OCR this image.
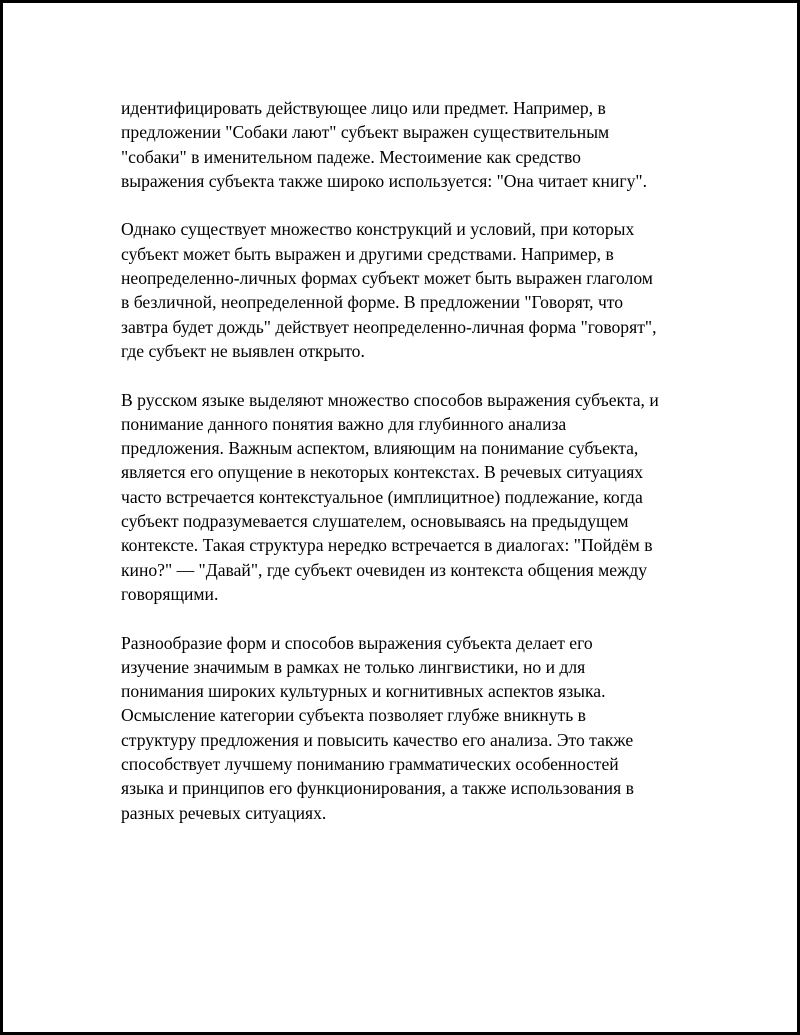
идентифицировать действующее лицо или предмет. Например, в
предложении "Собаки лают" субъект выражен существительным
"собаки" в именительном падеже. Местоимение как средство
выражения субъекта также широко используется: "Она читает книгу".

Однако существует множество конструкций и условий, при которых
субъект может быть выражен и другими средствами. Например, в
неопределенно-личных формах субъект может быть выражен глаголом
в безличной, неопределенной форме. В предложении "Говорят, что
завтра будет дождь" действует неопределенно-личная форма "говорят",
где субъект не выявлен открыто.

В русском языке выделяют множество способов выражения субъекта, и
понимание данного понятия важно для глубинного анализа
предложения. Важным аспектом, влияющим на понимание субъекта,
является его опущение в некоторых контекстах. В речевых ситуациях
часто встречается контекстуальное (имплицитное) подлежание, когда
субъект подразумевается слушателем, основываясь на предыдущем
контексте. Такая структура нередко встречается в диалогах: "Пойдём в
кино?" — "Давай", где субъект очевиден из контекста общения между
говорящими.

Разнообразие форм и способов выражения субъекта делает его
изучение значимым в рамках не только лингвистики, но и для
понимания широких культурных и когнитивных аспектов языка.
Осмысление категории субъекта позволяет глубже вникнуть в
структуру предложения и повысить качество его анализа. Это также
способствует лучшему пониманию грамматических особенностей
языка и принципов его функционирования, а также использования в
разных речевых ситуациях.
